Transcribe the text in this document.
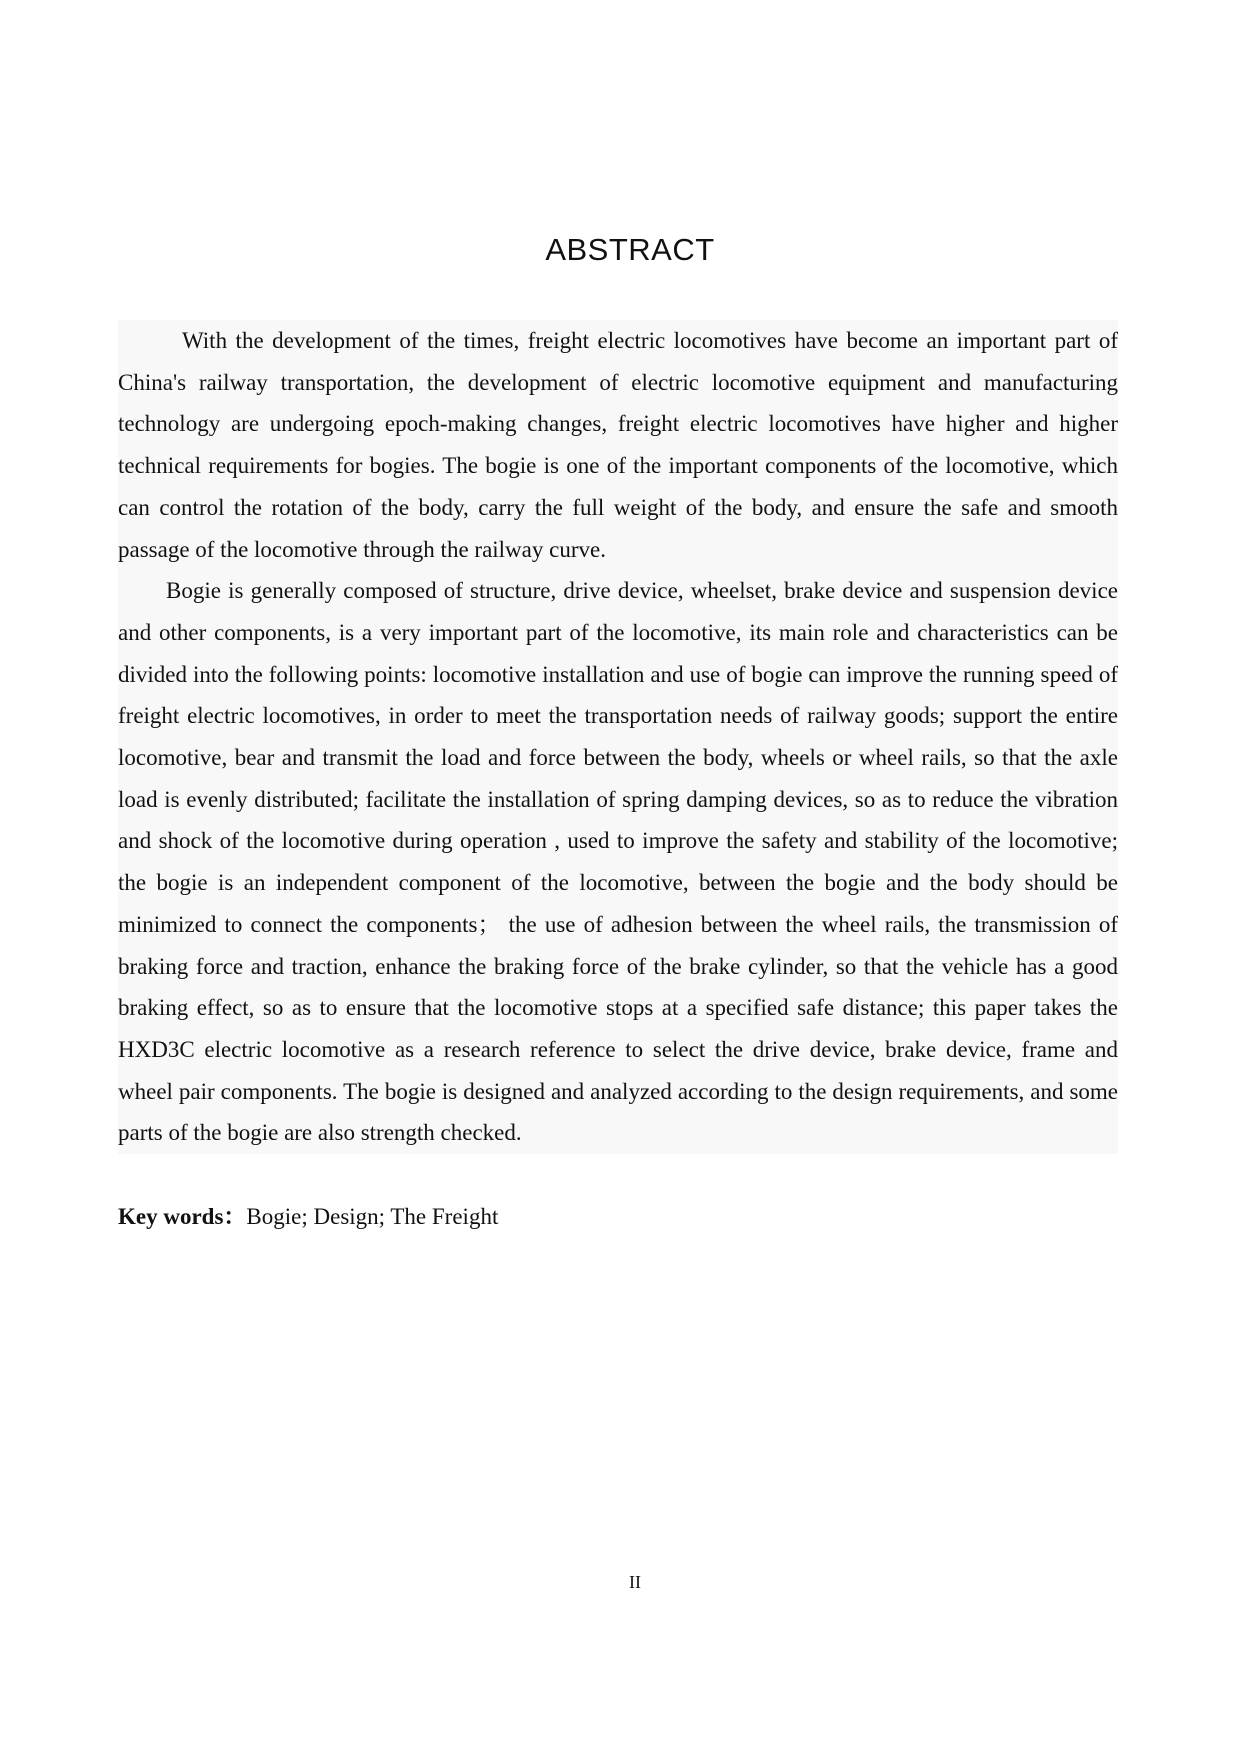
ABSTRACT

With the development of the times, freight electric locomotives have become an important part of China's railway transportation, the development of electric locomotive equipment and manufacturing technology are undergoing epoch-making changes, freight electric locomotives have higher and higher technical requirements for bogies. The bogie is one of the important components of the locomotive, which can control the rotation of the body, carry the full weight of the body, and ensure the safe and smooth passage of the locomotive through the railway curve.

Bogie is generally composed of structure, drive device, wheelset, brake device and suspension device and other components, is a very important part of the locomotive, its main role and characteristics can be divided into the following points: locomotive installation and use of bogie can improve the running speed of freight electric locomotives, in order to meet the transportation needs of railway goods; support the entire locomotive, bear and transmit the load and force between the body, wheels or wheel rails, so that the axle load is evenly distributed; facilitate the installation of spring damping devices, so as to reduce the vibration and shock of the locomotive during operation , used to improve the safety and stability of the locomotive; the bogie is an independent component of the locomotive, between the bogie and the body should be minimized to connect the components； the use of adhesion between the wheel rails, the transmission of braking force and traction, enhance the braking force of the brake cylinder, so that the vehicle has a good braking effect, so as to ensure that the locomotive stops at a specified safe distance; this paper takes the HXD3C electric locomotive as a research reference to select the drive device, brake device, frame and wheel pair components. The bogie is designed and analyzed according to the design requirements, and some parts of the bogie are also strength checked.

Key words：Bogie; Design; The Freight
II
